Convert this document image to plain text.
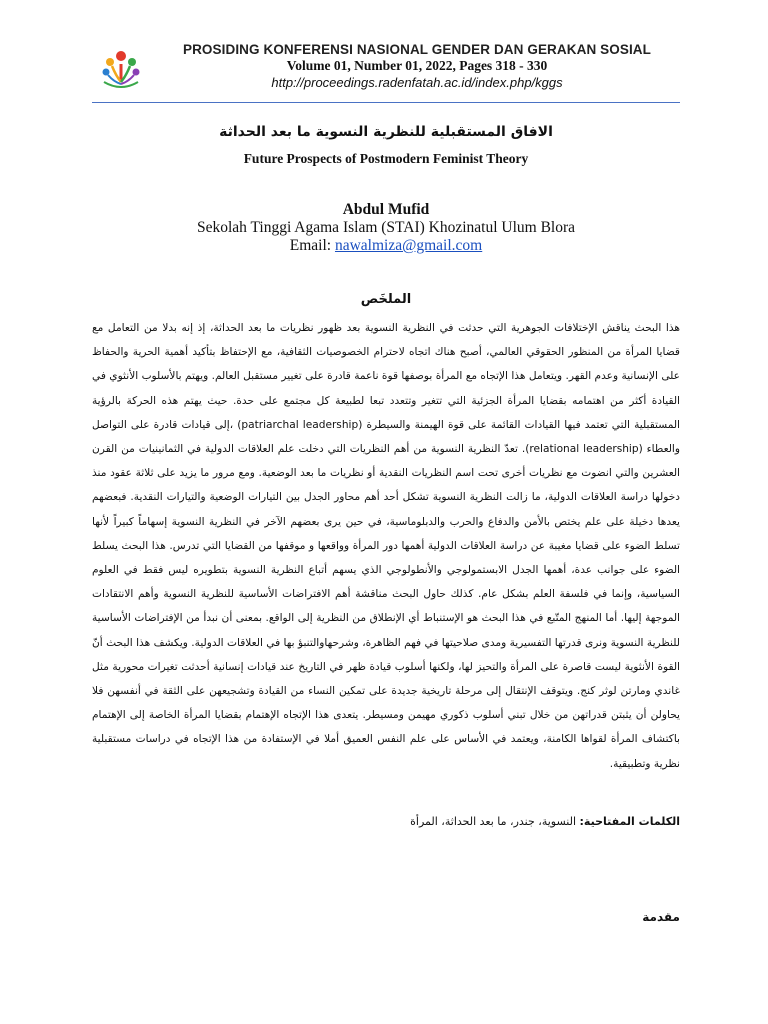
PROSIDING KONFERENSI NASIONAL GENDER DAN GERAKAN SOSIAL
Volume 01, Number 01, 2022, Pages 318 - 330
http://proceedings.radenfatah.ac.id/index.php/kggs
الافاق المستقبلية للنظرية النسوية ما بعد الحداثة
Future Prospects of Postmodern Feminist Theory
Abdul Mufid
Sekolah Tinggi Agama Islam (STAI) Khozinatul Ulum Blora
Email: nawalmiza@gmail.com
الملخَص

هذا البحث يناقش الإختلافات الجوهرية التي حدثت في النظرية النسوية بعد ظهور نظريات ما بعد الحداثة، إذ إنه بدلا من التعامل مع قضايا المرأة من المنظور الحقوقي العالمي، أصبح هناك اتجاه لاحترام الخصوصيات الثقافية، مع الإحتفاظ بتأكيد أهمية الحرية والحفاظ على الإنسانية وعدم القهر. ويتعامل هذا الإتجاه مع المرأة بوصفها قوة ناعمة قادرة على تغيير مستقبل العالم. ويهتم بالأسلوب الأنثوي في القيادة أكثر من اهتمامه بقضايا المرأة الجزئية التي تتغير وتتعدد تبعا لطبيعة كل مجتمع على حدة. حيث يهتم هذه الحركة بالرؤية المستقبلية التي تعتمد فيها القيادات القائمة على قوة الهيمنة والسيطرة (patriarchal leadership) ،إلى قيادات قادرة على التواصل والعطاء (relational leadership). تعدّ النظرية النسوية من أهم النظريات التي دخلت علم العلاقات الدولية في الثمانينيات من القرن العشرين والتي انضوت مع نظريات أخرى تحت اسم النظريات النقدية أو نظريات ما بعد الوضعية. ومع مرور ما يزيد على ثلاثة عقود منذ دخولها دراسة العلاقات الدولية، ما زالت النظرية النسوية تشكل أحد أهم محاور الجدل بين التيارات الوضعية والتيارات النقدية. فبعضهم يعدها دخيلة على علم يختص بالأمن والدفاع والحرب والدبلوماسية، في حين يرى بعضهم الآخر في النظرية النسوية إسهاماً كبيراً لأنها تسلط الضوء على قضايا مغيبة عن دراسة العلاقات الدولية أهمها دور المرأة وواقعها و موقفها من القضايا التي تدرس. هذا البحث يسلط الضوء على جوانب عدة، أهمها الجدل الابستمولوجي والأنطولوجي الذي يسهم أتباع النظرية النسوية بتطويره ليس فقط في العلوم السياسية، وإنما في فلسفة العلم بشكل عام. كذلك حاول البحث مناقشة أهم الافتراضات الأساسية للنظرية النسوية وأهم الانتقادات الموجهة إليها. أما المنهج المتّبع في هذا البحث هو الإستنباط أي الإنطلاق من النظرية إلى الواقع. بمعنى أن نبدأ من الإفتراضات الأساسية للنظرية النسوية ونرى قدرتها التفسيرية ومدى صلاحيتها في فهم الظاهرة، وشرحهاوالتنبؤ بها في العلاقات الدولية. ويكشف هذا البحث أنّ القوة الأنثوية ليست قاصرة على المرأة والتحيز لها، ولكنها أسلوب قيادة ظهر في التاريخ عند قيادات إنسانية أحدثت تغيرات محورية مثل غاندي ومارتن لوثر كنج. ويتوقف الإنتقال إلى مرحلة تاريخية جديدة على تمكين النساء من القيادة وتشجيعهن على الثقة في أنفسهن فلا يحاولن أن يثبتن قدراتهن من خلال تبني أسلوب ذكوري مهيمن ومسيطر. يتعدى هذا الإتجاه الإهتمام بقضايا المرأة الخاصة إلى الإهتمام باكتشاف المرأة لقواها الكامنة، ويعتمد في الأساس على علم النفس العميق أملا في الإستفادة من هذا الإتجاه في دراسات مستقبلية نظرية وتطبيقية.

الكلمات المفتاحية: النسوية، جندر، ما بعد الحداثة، المرأة
مقدمة
